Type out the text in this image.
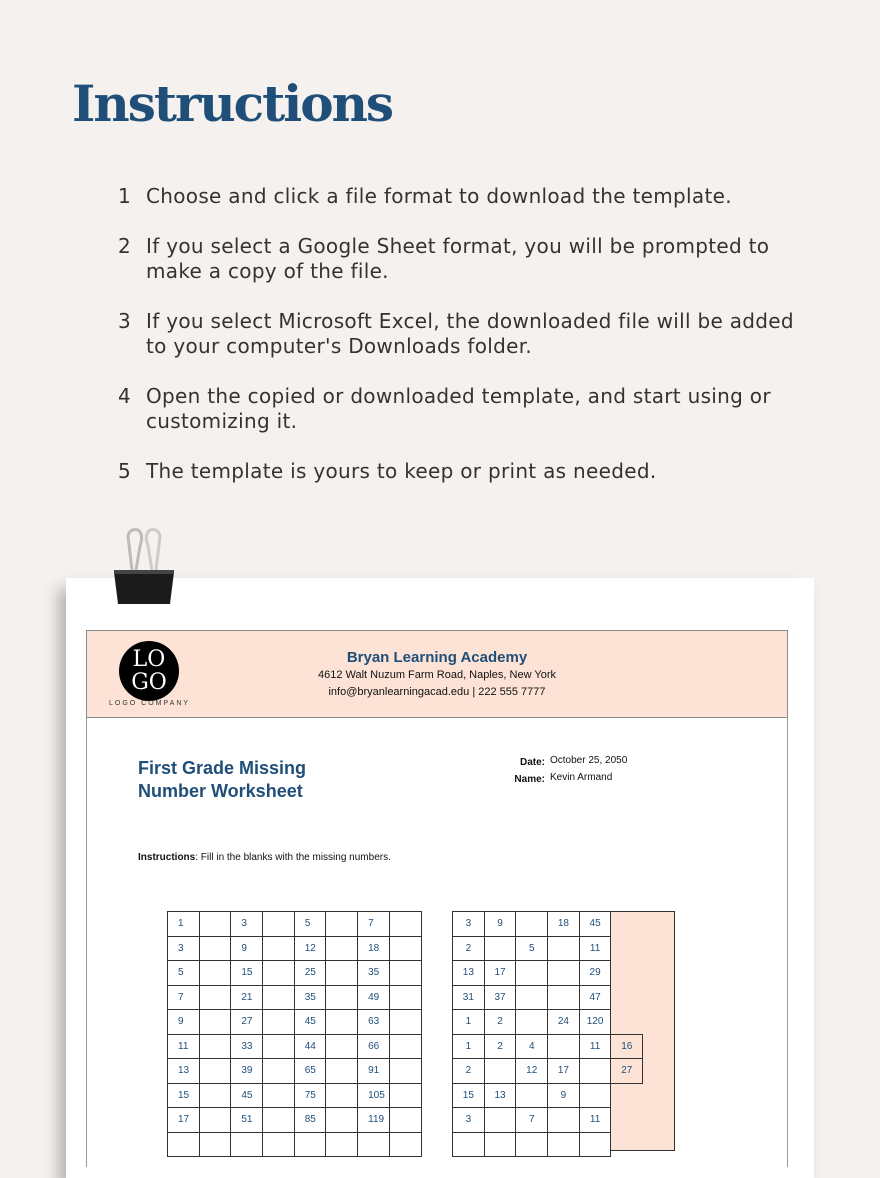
Instructions
1 Choose and click a file format to download the template.
2 If you select a Google Sheet format, you will be prompted to make a copy of the file.
3 If you select Microsoft Excel, the downloaded file will be added to your computer's Downloads folder.
4 Open the copied or downloaded template, and start using or customizing it.
5 The template is yours to keep or print as needed.
LO
GO
LOGO COMPANY
Bryan Learning Academy
4612 Walt Nuzum Farm Road, Naples, New York
info@bryanlearningacad.edu | 222 555 7777
First Grade Missing Number Worksheet
Date: October 25, 2050
Name: Kevin Armand
Instructions: Fill in the blanks with the missing numbers.
1		3		5		7	
3		9		12		18	
5		15		25		35	
7		21		35		49	
9		27		45		63	
11		33		44		66	
13		39		65		91	
15		45		75		105	
17		51		85		119	

3	9		18	45	
2		5		11	
13	17			29	
31	37			47	
1	2		24	120	
1	2	4		11	16
2		12	17		27
15	13		9		
3		7		11	
